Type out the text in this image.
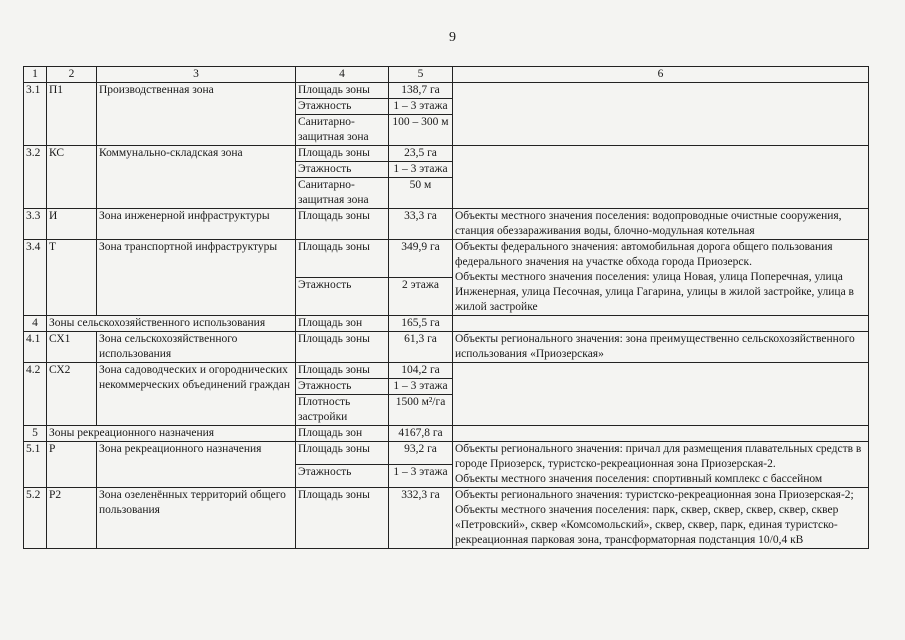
9
1	2	3	4	5	6
3.1	П1	Производственная зона	Площадь зоны	138,7 га	
			Этажность	1 – 3 этажа	
			Санитарно-защитная зона	100 – 300 м	
3.2	КС	Коммунально-складская зона	Площадь зоны	23,5 га	
			Этажность	1 – 3 этажа	
			Санитарно-защитная зона	50 м	
3.3	И	Зона инженерной инфраструктуры	Площадь зоны	33,3 га	Объекты местного значения поселения: водопроводные очистные сооружения, станция обеззараживания воды, блочно-модульная котельная

3.4	Т	Зона транспортной инфраструктуры	Площадь зоны	349,9 га	Объекты федерального значения: автомобильная дорога общего пользования федерального значения на участке обхода города Приозерск.
Объекты местного значения поселения: улица Новая, улица Поперечная, улица Инженерная, улица Песочная, улица Гагарина, улицы в жилой застройке, улица в жилой застройке

			Этажность	2 этажа	
4	Зоны сельскохозяйственного использования		Площадь зон	165,5 га	
4.1	СХ1	Зона сельскохозяйственного использования	Площадь зоны	61,3 га	Объекты регионального значения: зона преимущественно сельскохозяйственного использования «Приозерская»

4.2	СХ2	Зона садоводческих и огороднических некоммерческих объединений граждан	Площадь зоны	104,2 га	
			Этажность	1 – 3 этажа	
			Плотность застройки	1500 м²/га	
5	Зоны рекреационного назначения		Площадь зон	4167,8 га	
5.1	Р	Зона рекреационного назначения	Площадь зоны	93,2 га	Объекты регионального значения: причал для размещения плавательных средств в городе Приозерск, туристско-рекреационная зона Приозерская-2.
Объекты местного значения поселения: спортивный комплекс с бассейном

			Этажность	1 – 3 этажа	
5.2	Р2	Зона озеленённых территорий общего пользования	Площадь зоны	332,3 га	Объекты регионального значения: туристско-рекреационная зона Приозерская-2;
Объекты местного значения поселения: парк, сквер, сквер, сквер, сквер, сквер «Петровский», сквер «Комсомольский», сквер, сквер, парк, единая туристско-рекреационная парковая зона, трансформаторная подстанция 10/0,4 кВ
